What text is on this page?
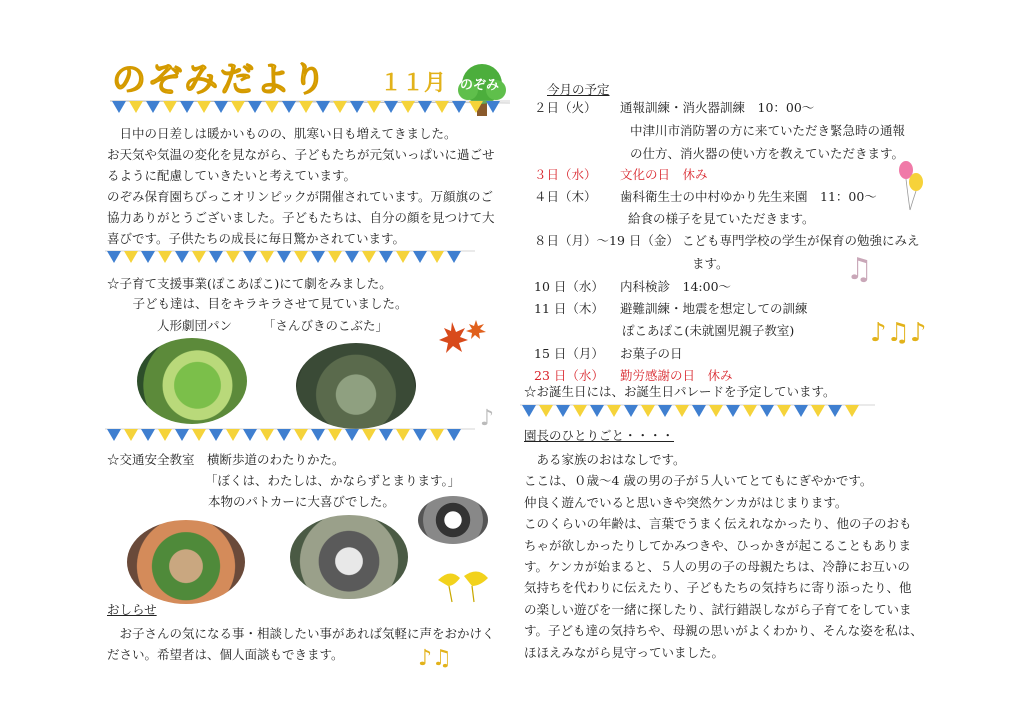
のぞみだより １１月 のぞみ
　日中の日差しは暖かいものの、肌寒い日も増えてきました。
お天気や気温の変化を見ながら、子どもたちが元気いっぱいに過ごせ
るように配慮していきたいと考えています。
のぞみ保育園ちびっこオリンピックが開催されています。万顔旗のご
協力ありがとうございました。子どもたちは、自分の顔を見つけて大
喜びです。子供たちの成長に毎日驚かされています。
☆子育て支援事業(ぽこあぽこ)にて劇をみました。
　子ども達は、目をキラキラさせて見ていました。
人形劇団パン 「さんびきのこぶた」
☆交通安全教室　横断歩道のわたりかた。
「ぼくは、わたしは、かならずとまります。」
本物のパトカーに大喜びでした。
おしらせ
　お子さんの気になる事・相談したい事があれば気軽に声をおかけく
ださい。希望者は、個人面談もできます。	♪♫
今月の予定
２日（火） 通報訓練・消火器訓練　10：00～
中津川市消防署の方に来ていただき緊急時の通報
の仕方、消火器の使い方を教えていただきます。
３日（水） 文化の日　休み
４日（木） 歯科衛生士の中村ゆかり先生来園　11：00～
給食の様子を見ていただきます。
８日（月）～19 日（金） こども専門学校の学生が保育の勉強にみえ
ます。
10 日（水） 内科検診　14:00～
11 日（木） 避難訓練・地震を想定しての訓練
ぽこあぽこ(未就園児親子教室)
15 日（月） お菓子の日
23 日（水） 勤労感謝の日　休み
☆お誕生日には、お誕生日パレードを予定しています。
♫
♪♫♪
♪
園長のひとりごと・・・・
　ある家族のおはなしです。
ここは、０歳～4 歳の男の子が５人いてとてもにぎやかです。
仲良く遊んでいると思いきや突然ケンカがはじまります。
このくらいの年齢は、言葉でうまく伝えれなかったり、他の子のおも
ちゃが欲しかったりしてかみつきや、ひっかきが起こることもありま
す。ケンカが始まると、５人の男の子の母親たちは、冷静にお互いの
気持ちを代わりに伝えたり、子どもたちの気持ちに寄り添ったり、他
の楽しい遊びを一緒に探したり、試行錯誤しながら子育てをしていま
す。子ども達の気持ちや、母親の思いがよくわかり、そんな姿を私は、
ほほえみながら見守っていました。
